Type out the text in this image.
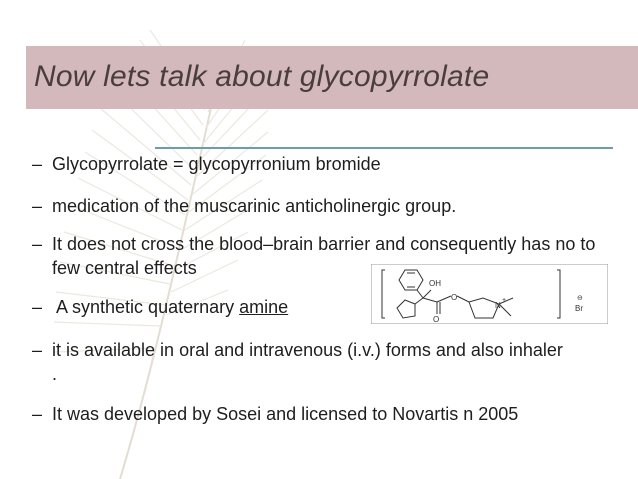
Now lets talk about glycopyrrolate
– Glycopyrrolate = glycopyrronium bromide
– medication of the muscarinic anticholinergic group.
– It does not cross the blood–brain barrier and consequently has no to few central effects
– A synthetic quaternary amine
– it is available in oral and intravenous (i.v.) forms and also inhaler .
– It was developed by Sosei and licensed to Novartis n 2005
OH
O
O
N
+	⊖
Br
